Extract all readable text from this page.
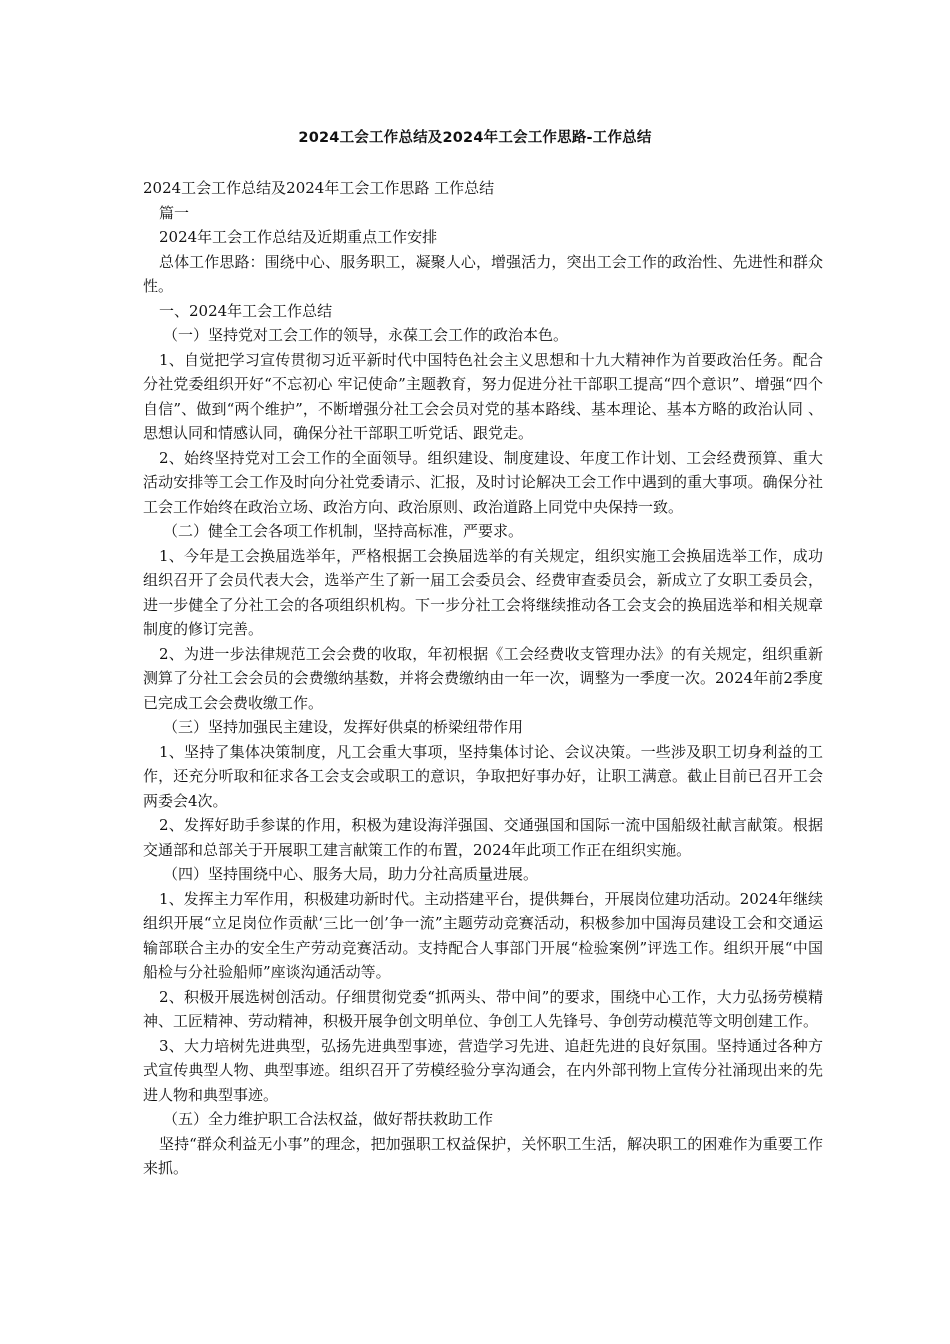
2024工会工作总结及2024年工会工作思路-工作总结

2024工会工作总结及2024年工会工作思路 工作总结

篇一

2024年工会工作总结及近期重点工作安排

总体工作思路：围绕中心、服务职工，凝聚人心，增强活力，突出工会工作的政治性、先进性和群众性。

一、2024年工会工作总结

（一）坚持党对工会工作的领导，永葆工会工作的政治本色。

1、自觉把学习宣传贯彻习近平新时代中国特色社会主义思想和十九大精神作为首要政治任务。配合分社党委组织开好“不忘初心 牢记使命”主题教育，努力促进分社干部职工提高“四个意识”、增强“四个自信”、做到“两个维护”，不断增强分社工会会员对党的基本路线、基本理论、基本方略的政治认同 、思想认同和情感认同，确保分社干部职工听党话、跟党走。

2、始终坚持党对工会工作的全面领导。组织建设、制度建设、年度工作计划、工会经费预算、重大活动安排等工会工作及时向分社党委请示、汇报，及时讨论解决工会工作中遇到的重大事项。确保分社工会工作始终在政治立场、政治方向、政治原则、政治道路上同党中央保持一致。

（二）健全工会各项工作机制，坚持高标准，严要求。

1、今年是工会换届选举年，严格根据工会换届选举的有关规定，组织实施工会换届选举工作，成功组织召开了会员代表大会，选举产生了新一届工会委员会、经费审查委员会，新成立了女职工委员会，进一步健全了分社工会的各项组织机构。下一步分社工会将继续推动各工会支会的换届选举和相关规章制度的修订完善。

2、为进一步法律规范工会会费的收取，年初根据《工会经费收支管理办法》的有关规定，组织重新测算了分社工会会员的会费缴纳基数，并将会费缴纳由一年一次，调整为一季度一次。2024年前2季度已完成工会会费收缴工作。

（三）坚持加强民主建设，发挥好供桌的桥梁纽带作用

1、坚持了集体决策制度，凡工会重大事项，坚持集体讨论、会议决策。一些涉及职工切身利益的工作，还充分听取和征求各工会支会或职工的意识，争取把好事办好，让职工满意。截止目前已召开工会两委会4次。

2、发挥好助手参谋的作用，积极为建设海洋强国、交通强国和国际一流中国船级社献言献策。根据交通部和总部关于开展职工建言献策工作的布置，2024年此项工作正在组织实施。

（四）坚持围绕中心、服务大局，助力分社高质量进展。

1、发挥主力军作用，积极建功新时代。主动搭建平台，提供舞台，开展岗位建功活动。2024年继续组织开展“立足岗位作贡献‘三比一创’争一流”主题劳动竞赛活动，积极参加中国海员建设工会和交通运输部联合主办的安全生产劳动竞赛活动。支持配合人事部门开展“检验案例”评选工作。组织开展“中国船检与分社验船师”座谈沟通活动等。

2、积极开展选树创活动。仔细贯彻党委“抓两头、带中间”的要求，围绕中心工作，大力弘扬劳模精神、工匠精神、劳动精神，积极开展争创文明单位、争创工人先锋号、争创劳动模范等文明创建工作。

3、大力培树先进典型，弘扬先进典型事迹，营造学习先进、追赶先进的良好氛围。坚持通过各种方式宣传典型人物、典型事迹。组织召开了劳模经验分享沟通会，在内外部刊物上宣传分社涌现出来的先进人物和典型事迹。

（五）全力维护职工合法权益，做好帮扶救助工作

坚持“群众利益无小事”的理念，把加强职工权益保护，关怀职工生活，解决职工的困难作为重要工作来抓。
